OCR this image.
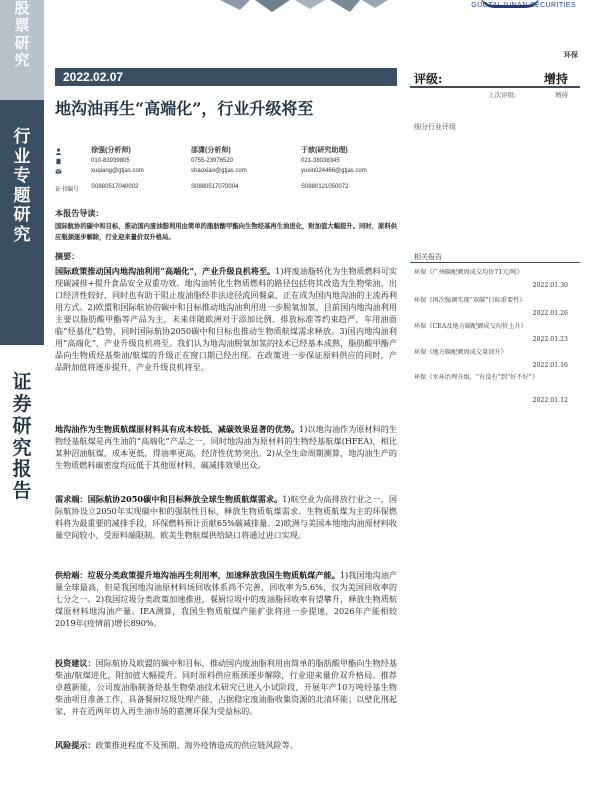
股
票
研
究
行
业
专
题
研
究
证
券
研
究
报
告
GUOTAI JUNAN SECURITIES
环保
2022.02.07
地沟油再生“高端化”，行业升级将至
徐强(分析师)
010-83939805
xuqiang@gtjas.com
邵潇(分析师)
0755-23976520
shaoxiao@gtjas.com
于歆(研究助理)
021-38038345
yuxin024466@gtjas.com
证书编号 S0880517040002	S0880517070004	S0880121050072
本报告导读：
国际航协的碳中和目标，推动国内废油脂利用由简单的脂肪酸甲酯向生物经基再生油进化，附加值大幅提升。同时，原料供应瓶颈逐步解除，行业迎来量价双升格局。
摘要：
国际政策推动国内地沟油利用“高端化”，产业升级良机将至。1)将废油脂转化为生物质燃料可实现碳减排+提升食品安全双重功效。地沟油转化生物质燃料的路径包括将其改造为生物柴油，出口经济性较好，同时也有助于阻止废油脂经非法途径流回餐桌，正在成为国内地沟油的主流再利用方式。2)欧盟和国际航协的碳中和目标推动地沟油利用进一步脱氧加氢，目前国内地沟油利用主要以脂肪酸甲酯等产品为主，未来伴随欧洲对于添加比例、排放标准等约束趋严，车用油面临“烃基化”趋势，同时国际航协2050碳中和目标也推动生物质航煤需求释放。3)国内地沟油利用“高端化”，产业升级良机将至。我们认为地沟油脱氧加氢的技术已经基本成熟，脂肪酸甲酯产品向生物质烃基柴油/航煤的升级正在窗口期已经出现。在政策进一步保证原料供应的同时，产品附加值将逐步提升，产业升级良机将至。
地沟油作为生物质航煤原材料具有成本较低、减碳效果显著的优势。1)以地沟油作为原材料的生物经基航煤是再生油的“高端化”产品之一，同时地沟油为原材料的生物经基航煤(HFEA)，相比某种沼油航煤，成本更低，得油率更高，经济性优势突出。2)从全生命周期测算，地沟油生产的生物质燃料碳密度均远低于其他原材料，碳减排效果出众。
需求端：国际航协2050碳中和目标释放全球生物质航煤需求。1)航空业为高排放行业之一，国际航协设立2050年实现碳中和的强制性目标，释放生物质航煤需求。生物质航煤为主的环保燃料将为最重要的减排手段，环保燃料预计贡献65%碳减排量。2)欧洲与美国本地地沟油原材料收量空间较小，受原料端限制。欧美生物航煤供给缺口将通过进口实现。
供给端：垃圾分类政策提升地沟油再生利用率，加速释放我国生物质航煤产能。1)我国地沟油产量全球最高，但是我国地沟油原材料场回收体系尚不完善，回收率为5.6%，仅为美国回收率的七分之一。2)我国垃圾分类政策加速推进，餐厨垃圾中的废油脂回收率有望攀升，释放生物质航煤原材料地沟油产量。IEA测算，我国生物质航煤产能扩张将进一步提速，2026年产能相较2019年(疫情前)增长890%。
投资建议：国际航协及欧盟的碳中和目标，推动国内废油脂利用由简单的脂肪酸甲酯向生物经基柴油/航煤进化，附加值大幅提升。同时原料供应瓶颈逐步解除，行业迎来量价双升格局。推荐卓越新能，公司废油脂制备烃基生物柴油技术研究已进入小试阶段，开展年产10万吨烃基生物柴油项目准备工作，具备餐厨垃圾处理产能，占据稳定废油脂收集资源的北清环能；以壁化刑起家，并在近两年切入再生油市场的嘉澳环保为受益标的。
风险提示：政策推进程度不及预期、海外疫情造成的供应链风险等。
评级:	增持
上次评级:	增持
细分行业评级
相关报告
环保《广州碳配额周成交均价71元/吨》
2022.01.30
环保《再次强调实现“双碳”目标重要性》
2022.01.26
环保《CEA及地方碳配额成交均价上升》
2022.01.23
环保《地方碳配额周成交量回升》
2022.01.16
环保《水环治理升级，“有没有”到“好不好”》
2022.01.12
